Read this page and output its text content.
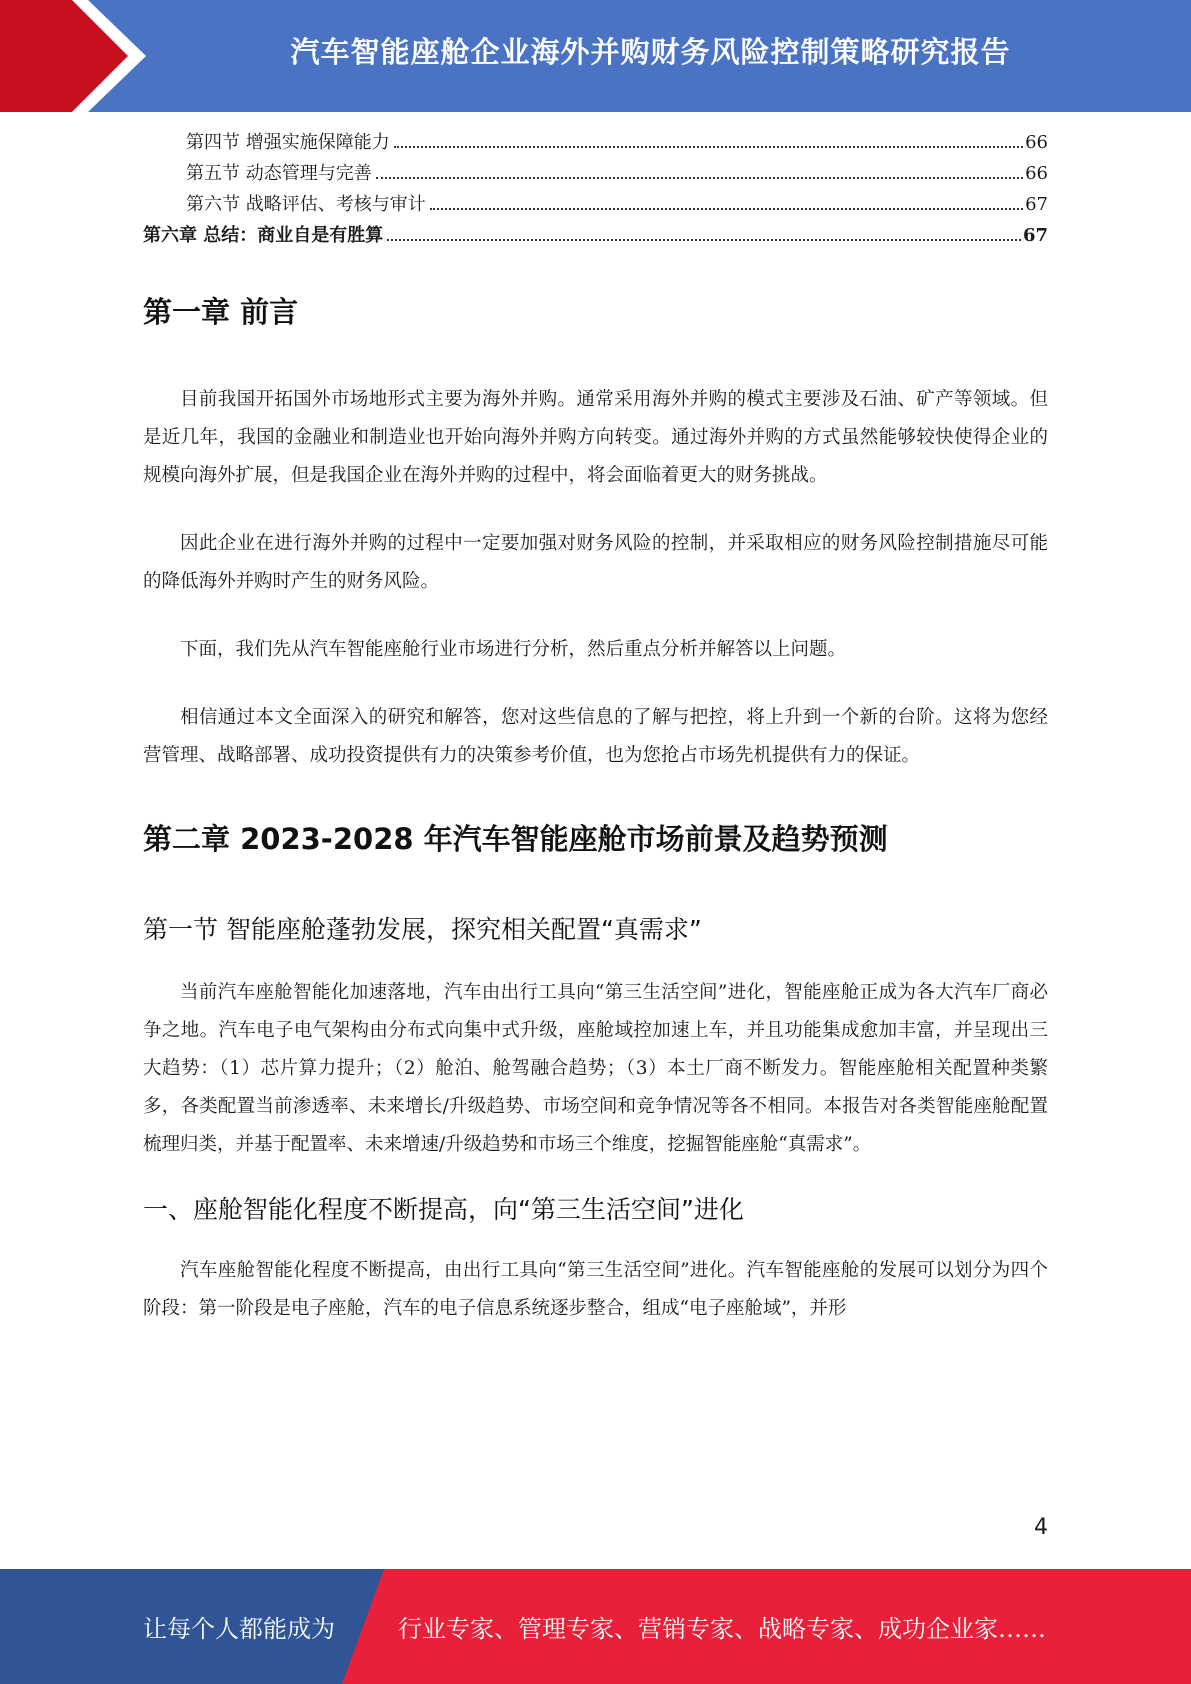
汽车智能座舱企业海外并购财务风险控制策略研究报告
第四节 增强实施保障能力	66
第五节 动态管理与完善	66
第六节 战略评估、考核与审计	67
第六章 总结：商业自是有胜算	67
第一章 前言

目前我国开拓国外市场地形式主要为海外并购。通常采用海外并购的模式主要涉及石油、矿产等领域。但是近几年，我国的金融业和制造业也开始向海外并购方向转变。通过海外并购的方式虽然能够较快使得企业的规模向海外扩展，但是我国企业在海外并购的过程中，将会面临着更大的财务挑战。

因此企业在进行海外并购的过程中一定要加强对财务风险的控制，并采取相应的财务风险控制措施尽可能的降低海外并购时产生的财务风险。

下面，我们先从汽车智能座舱行业市场进行分析，然后重点分析并解答以上问题。

相信通过本文全面深入的研究和解答，您对这些信息的了解与把控，将上升到一个新的台阶。这将为您经营管理、战略部署、成功投资提供有力的决策参考价值，也为您抢占市场先机提供有力的保证。

第二章 2023-2028 年汽车智能座舱市场前景及趋势预测
第一节 智能座舱蓬勃发展，探究相关配置“真需求”

当前汽车座舱智能化加速落地，汽车由出行工具向“第三生活空间”进化，智能座舱正成为各大汽车厂商必争之地。汽车电子电气架构由分布式向集中式升级，座舱域控加速上车，并且功能集成愈加丰富，并呈现出三大趋势：（1）芯片算力提升；（2）舱泊、舱驾融合趋势；（3）本土厂商不断发力。智能座舱相关配置种类繁多，各类配置当前渗透率、未来增长/升级趋势、市场空间和竞争情况等各不相同。本报告对各类智能座舱配置梳理归类，并基于配置率、未来增速/升级趋势和市场三个维度，挖掘智能座舱“真需求”。

一、座舱智能化程度不断提高，向“第三生活空间”进化

汽车座舱智能化程度不断提高，由出行工具向“第三生活空间”进化。汽车智能座舱的发展可以划分为四个阶段：第一阶段是电子座舱，汽车的电子信息系统逐步整合，组成“电子座舱域”，并形

4
让每个人都能成为	行业专家、管理专家、营销专家、战略专家、成功企业家……
